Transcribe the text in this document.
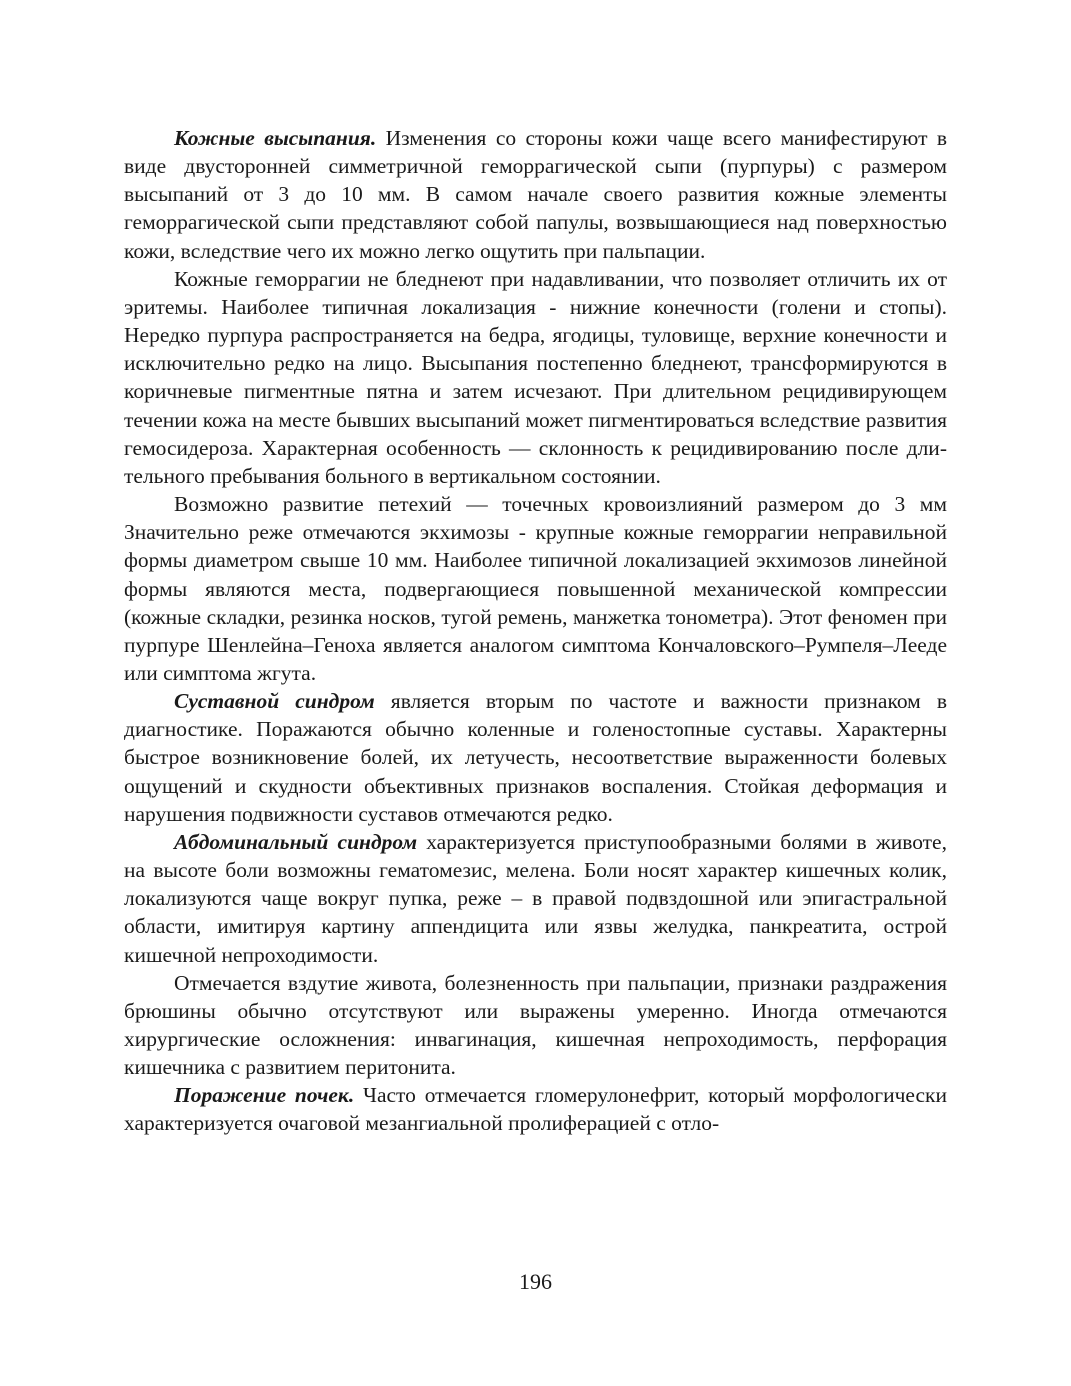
Кожные высыпания. Изменения со стороны кожи чаще всего манифестируют в виде двусторонней симметричной геморрагической сыпи (пурпуры) с размером высыпаний от 3 до 10 мм. В самом начале своего развития кожные элементы геморрагической сыпи представляют собой папулы, возвышающиеся над поверхностью кожи, вследствие чего их можно легко ощутить при пальпации.

Кожные геморрагии не бледнеют при надавливании, что позволяет отличить их от эритемы. Наиболее типичная локализация - нижние конечности (голени и стопы). Нередко пурпура распространяется на бедра, ягодицы, туловище, верхние конечности и исключительно редко на лицо. Высыпания постепенно бледнеют, трансформируются в коричневые пигментные пятна и затем исчезают. При длительном рецидивирующем течении кожа на месте бывших высыпаний может пигментироваться вследствие развития гемосидероза. Характерная особенность — склонность к рецидивированию после длительного пребывания больного в вертикальном состоянии.

Возможно развитие петехий — точечных кровоизлияний размером до 3 мм Значительно реже отмечаются экхимозы - крупные кожные геморрагии неправильной формы диаметром свыше 10 мм. Наиболее типичной локализацией экхимозов линейной формы являются места, подвергающиеся повышенной механической компрессии (кожные складки, резинка носков, тугой ремень, манжетка тонометра). Этот феномен при пурпуре Шенлейна–Геноха является аналогом симптома Кончаловского–Румпеля–Лееде или симптома жгута.

Суставной синдром является вторым по частоте и важности признаком в диагностике. Поражаются обычно коленные и голеностопные суставы. Характерны быстрое возникновение болей, их летучесть, несоответствие выраженности болевых ощущений и скудности объективных признаков воспаления. Стойкая деформация и нарушения подвижности суставов отмечаются редко.

Абдоминальный синдром характеризуется приступообразными болями в животе, на высоте боли возможны гематомезис, мелена. Боли носят характер кишечных колик, локализуются чаще вокруг пупка, реже – в правой подвздошной или эпигастральной области, имитируя картину аппендицита или язвы желудка, панкреатита, острой кишечной непроходимости.

Отмечается вздутие живота, болезненность при пальпации, признаки раздражения брюшины обычно отсутствуют или выражены умеренно. Иногда отмечаются хирургические осложнения: инвагинация, кишечная непроходимость, перфорация кишечника с развитием перитонита.

Поражение почек. Часто отмечается гломерулонефрит, который морфологически характеризуется очаговой мезангиальной пролиферацией с отло-

196
